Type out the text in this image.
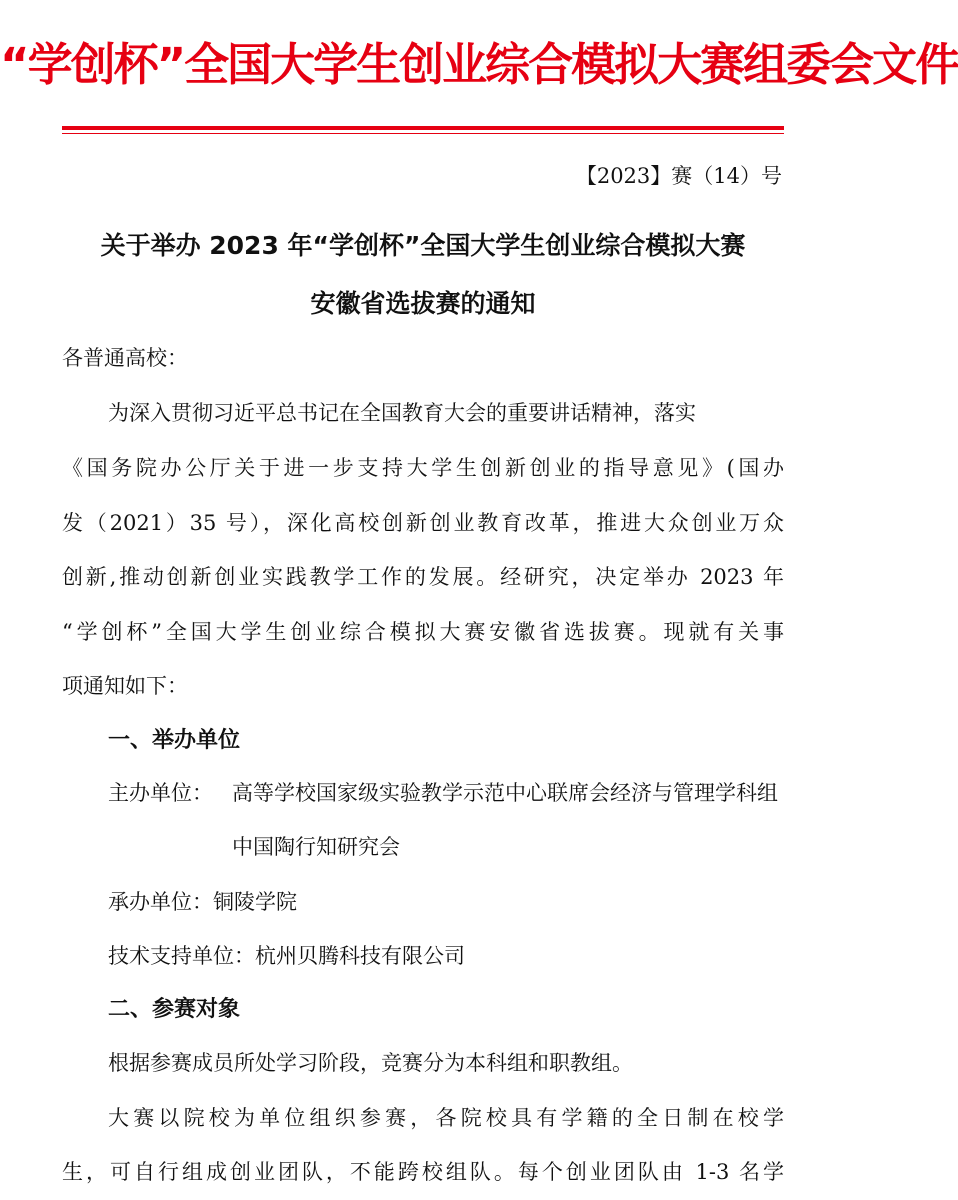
“学创杯”全国大学生创业综合模拟大赛组委会文件
【2023】赛（14）号
关于举办 2023 年“学创杯”全国大学生创业综合模拟大赛
安徽省选拔赛的通知
各普通高校：
为深入贯彻习近平总书记在全国教育大会的重要讲话精神，落实
《国务院办公厅关于进一步支持大学生创新创业的指导意见》(国办
发（2021）35 号），深化高校创新创业教育改革，推进大众创业万众
创新,推动创新创业实践教学工作的发展。经研究，决定举办 2023 年
“学创杯”全国大学生创业综合模拟大赛安徽省选拔赛。现就有关事
项通知如下：
一、举办单位
主办单位： 高等学校国家级实验教学示范中心联席会经济与管理学科组
中国陶行知研究会
承办单位：铜陵学院
技术支持单位：杭州贝腾科技有限公司
二、参赛对象
根据参赛成员所处学习阶段，竞赛分为本科组和职教组。
大赛以院校为单位组织参赛，各院校具有学籍的全日制在校学
生，可自行组成创业团队，不能跨校组队。每个创业团队由 1-3 名学
